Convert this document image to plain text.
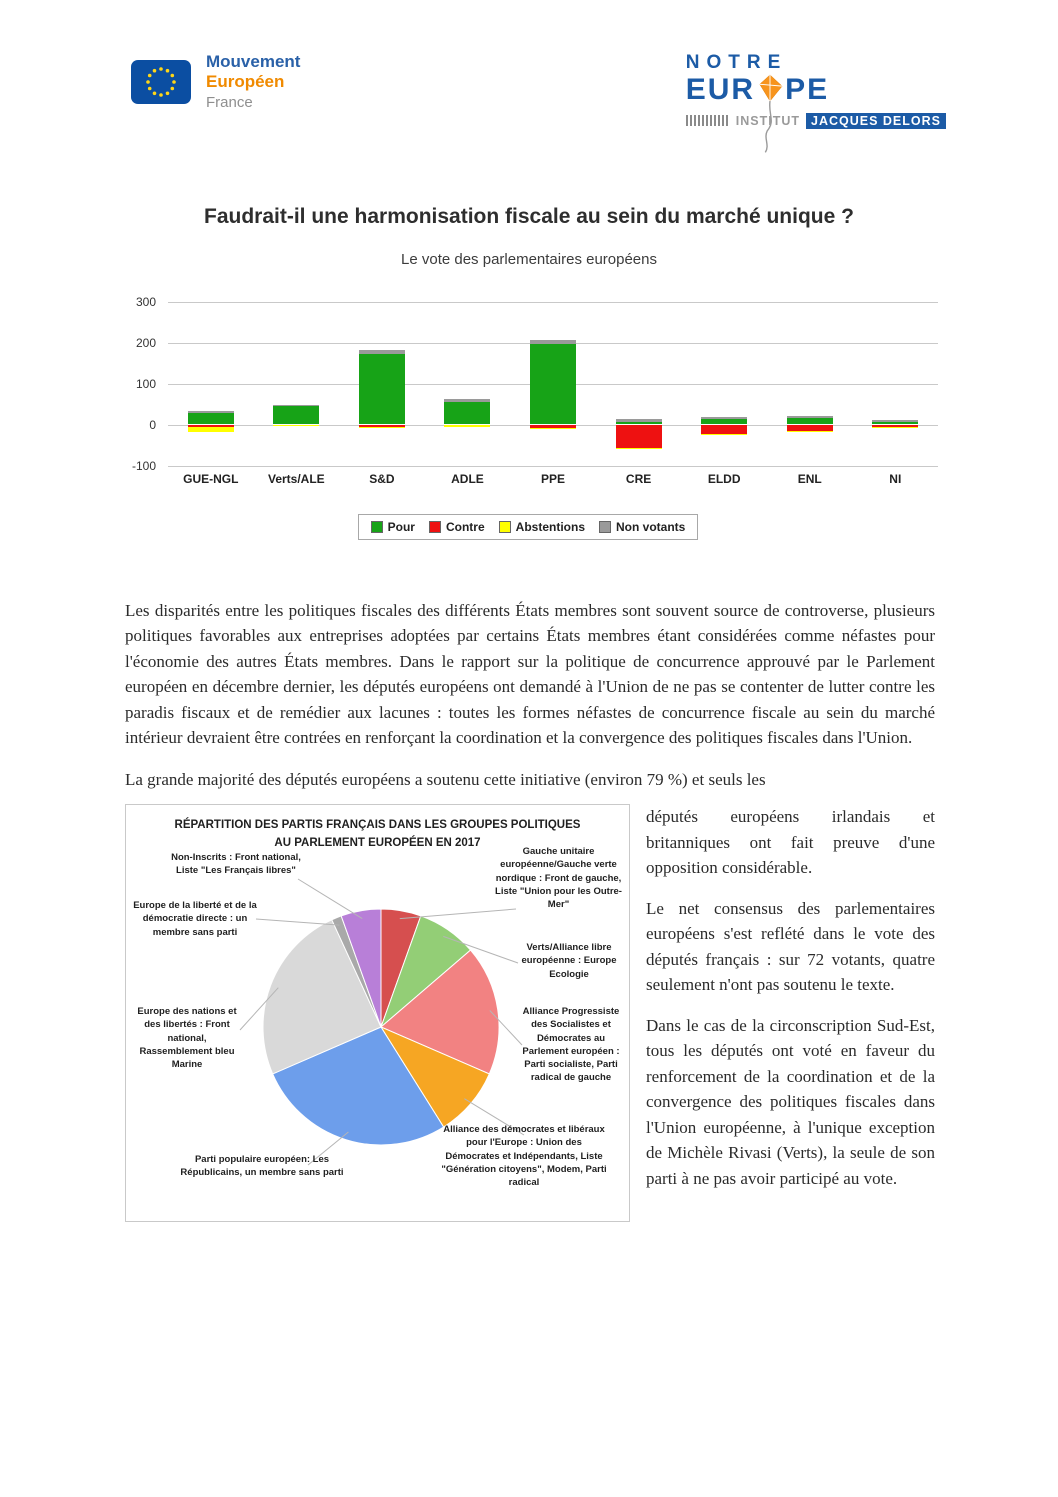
Mouvement
Européen
France
NOTRE
EUR PE
INSTITUT JACQUES DELORS
Faudrait-il une harmonisation fiscale au sein du marché unique ?
Le vote des parlementaires européens
300
200
100
0
-100
GUE-NGL	Verts/ALE	S&D	ADLE	PPE	CRE	ELDD	ENL	NI
Pour	Contre	Abstentions	Non votants

Les disparités entre les politiques fiscales des différents États membres sont souvent source de controverse, plusieurs politiques favorables aux entreprises adoptées par certains États membres étant considérées comme néfastes pour l'économie des autres États membres. Dans le rapport sur la politique de concurrence approuvé par le Parlement européen en décembre dernier, les députés européens ont demandé à l'Union de ne pas se contenter de lutter contre les paradis fiscaux et de remédier aux lacunes : toutes les formes néfastes de concurrence fiscale au sein du marché intérieur devraient être contrées en renforçant la coordination et la convergence des politiques fiscales dans l'Union.

La grande majorité des députés européens a soutenu cette initiative (environ 79 %) et seuls les

RÉPARTITION DES PARTIS FRANÇAIS DANS LES GROUPES POLITIQUES
AU PARLEMENT EUROPÉEN EN 2017
Gauche unitaire européenne/Gauche verte nordique : Front de gauche, Liste "Union pour les Outre-Mer"
Verts/Alliance libre européenne : Europe Ecologie
Alliance Progressiste des Socialistes et Démocrates au Parlement européen : Parti socialiste, Parti radical de gauche
Alliance des démocrates et libéraux pour l'Europe : Union des Démocrates et Indépendants, Liste "Génération citoyens", Modem, Parti radical
Parti populaire européen: Les Républicains, un membre sans parti
Europe des nations et des libertés : Front national, Rassemblement bleu Marine
Europe de la liberté et de la démocratie directe : un membre sans parti
Non-Inscrits : Front national, Liste "Les Français libres"

députés européens irlandais et britanniques ont fait preuve d'une opposition considérable.

Le net consensus des parlementaires européens s'est reflété dans le vote des députés français : sur 72 votants, quatre seulement n'ont pas soutenu le texte.

Dans le cas de la circonscription Sud-Est, tous les députés ont voté en faveur du renforcement de la coordination et de la convergence des politiques fiscales dans l'Union européenne, à l'unique exception de Michèle Rivasi (Verts), la seule de son parti à ne pas avoir participé au vote.
